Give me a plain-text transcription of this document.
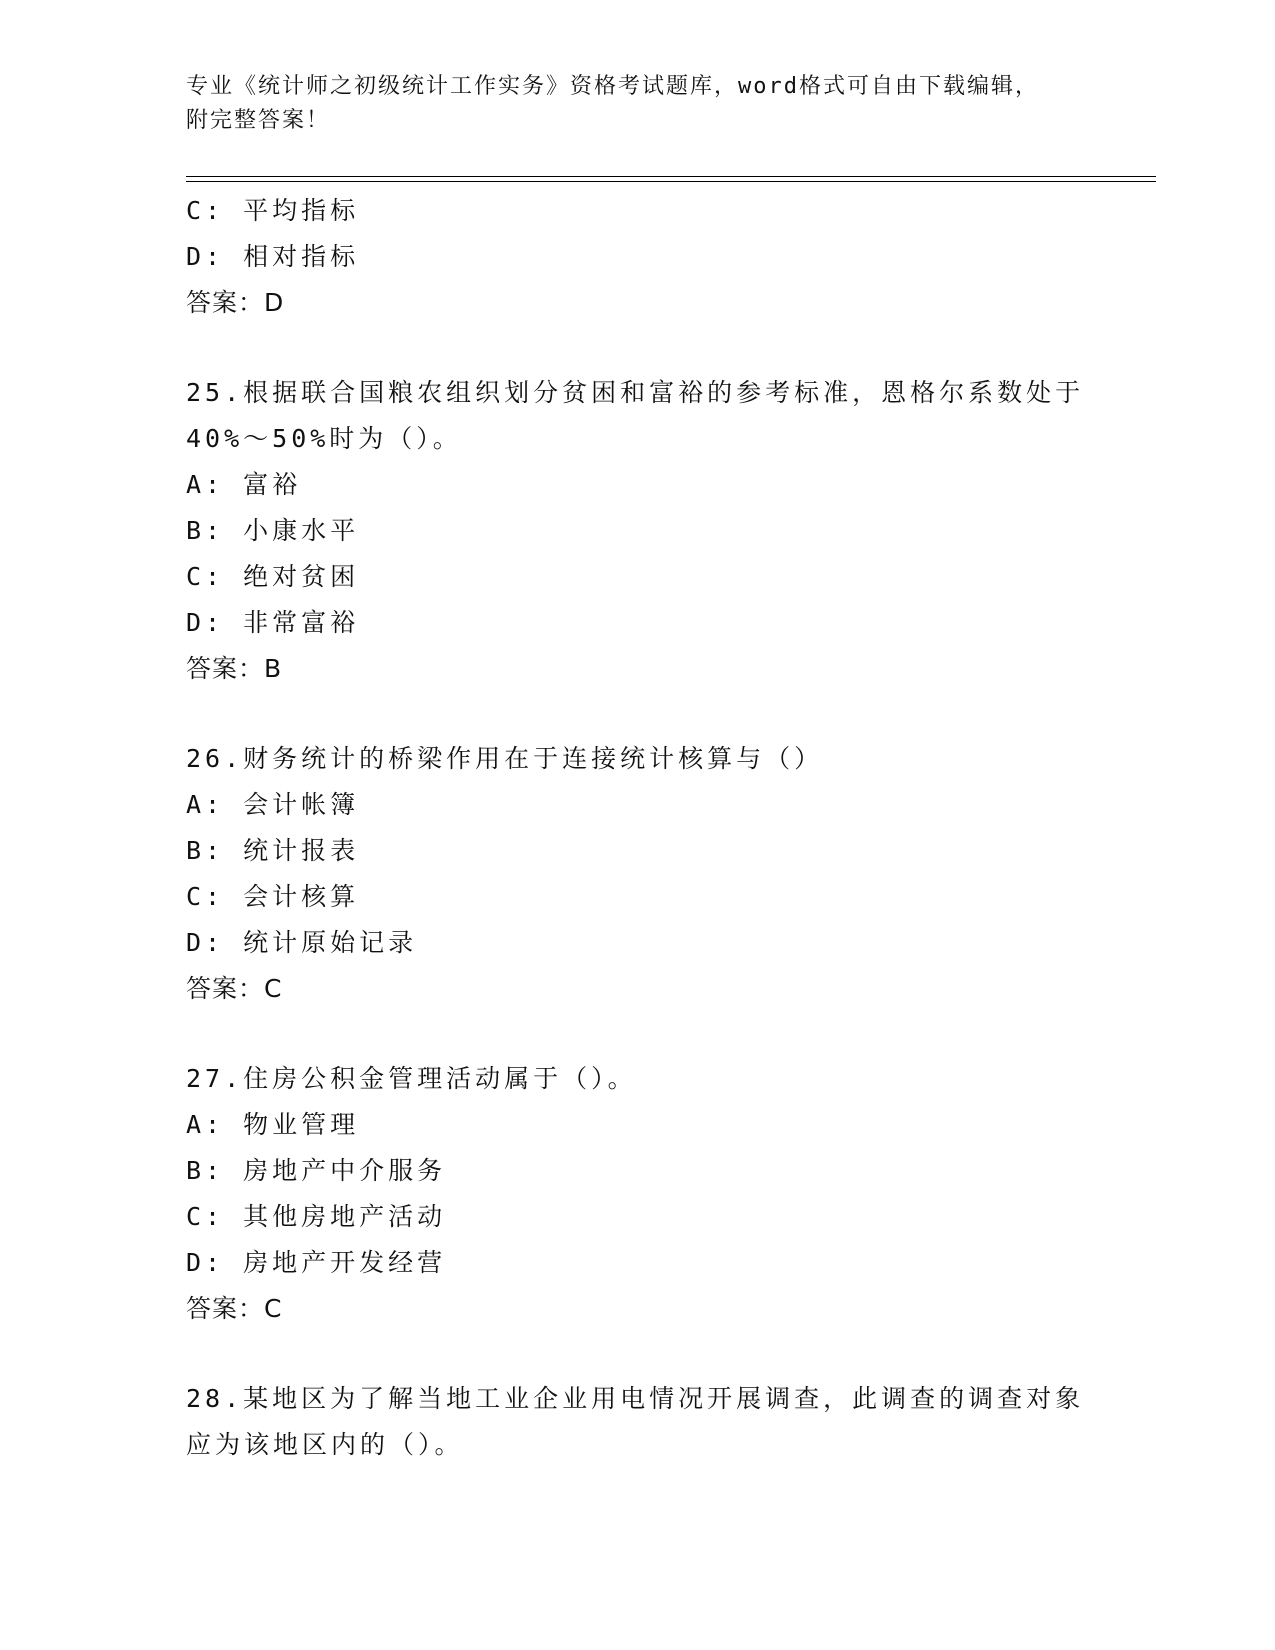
专业《统计师之初级统计工作实务》资格考试题库，word格式可自由下载编辑，

附完整答案！

C: 平均指标

D: 相对指标

答案：D

25.根据联合国粮农组织划分贫困和富裕的参考标准，恩格尔系数处于

40%～50%时为（）。

A: 富裕

B: 小康水平

C: 绝对贫困

D: 非常富裕

答案：B

26.财务统计的桥梁作用在于连接统计核算与（）

A: 会计帐簿

B: 统计报表

C: 会计核算

D: 统计原始记录

答案：C

27.住房公积金管理活动属于（）。

A: 物业管理

B: 房地产中介服务

C: 其他房地产活动

D: 房地产开发经营

答案：C

28.某地区为了解当地工业企业用电情况开展调查，此调查的调查对象

应为该地区内的（）。
